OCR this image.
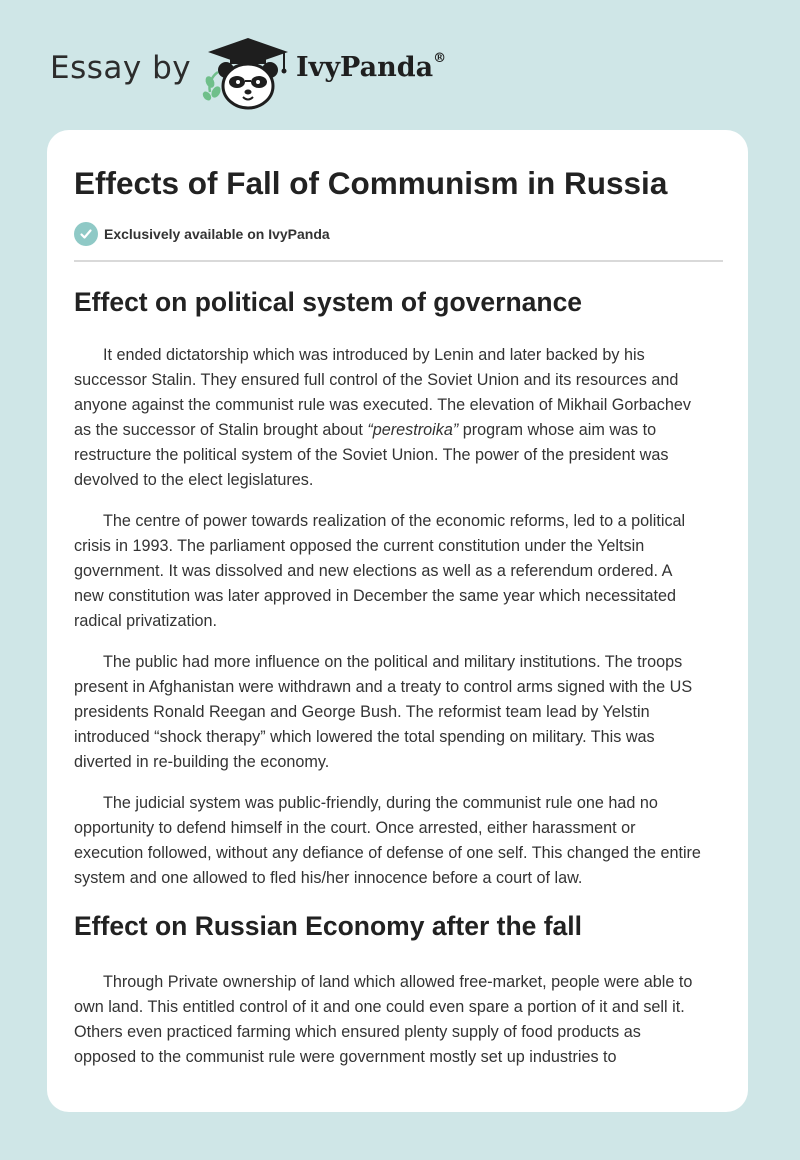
Essay by	IvyPanda®
Effects of Fall of Communism in Russia
Exclusively available on IvyPanda
Effect on political system of governance

It ended dictatorship which was introduced by Lenin and later backed by his
successor Stalin. They ensured full control of the Soviet Union and its resources and
anyone against the communist rule was executed. The elevation of Mikhail Gorbachev
as the successor of Stalin brought about “perestroika” program whose aim was to
restructure the political system of the Soviet Union. The power of the president was
devolved to the elect legislatures.

The centre of power towards realization of the economic reforms, led to a political
crisis in 1993. The parliament opposed the current constitution under the Yeltsin
government. It was dissolved and new elections as well as a referendum ordered. A
new constitution was later approved in December the same year which necessitated
radical privatization.

The public had more influence on the political and military institutions. The troops
present in Afghanistan were withdrawn and a treaty to control arms signed with the US
presidents Ronald Reegan and George Bush. The reformist team lead by Yelstin
introduced “shock therapy” which lowered the total spending on military. This was
diverted in re-building the economy.

The judicial system was public-friendly, during the communist rule one had no
opportunity to defend himself in the court. Once arrested, either harassment or
execution followed, without any defiance of defense of one self. This changed the entire
system and one allowed to fled his/her innocence before a court of law.

Effect on Russian Economy after the fall

Through Private ownership of land which allowed free-market, people were able to
own land. This entitled control of it and one could even spare a portion of it and sell it.
Others even practiced farming which ensured plenty supply of food products as
opposed to the communist rule were government mostly set up industries to
